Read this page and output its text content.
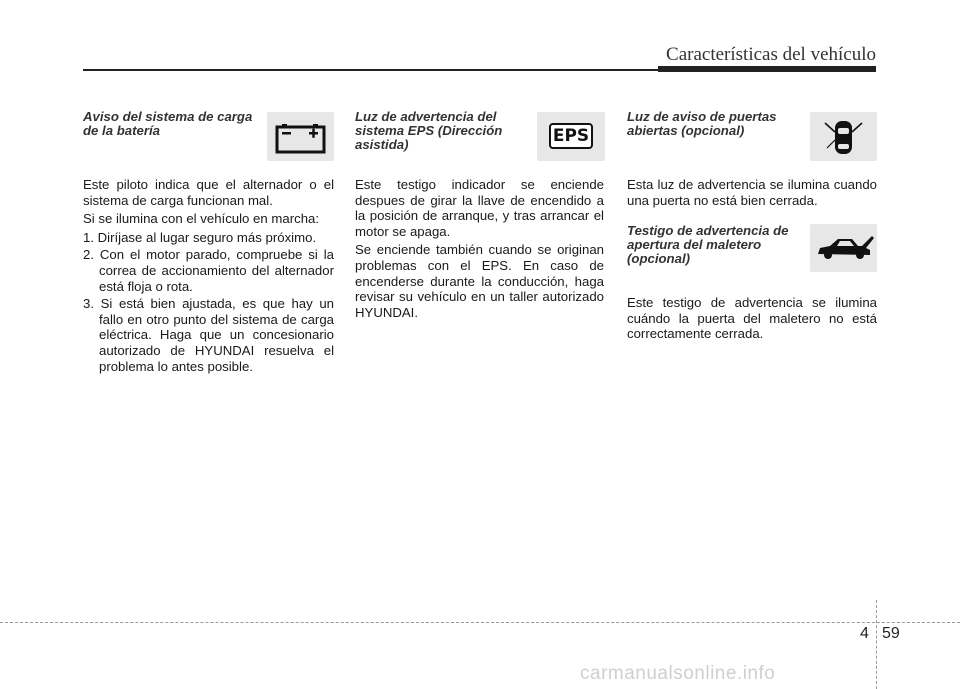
Características del vehículo
Aviso del sistema de carga de la batería

Este piloto indica que el alternador o el sistema de carga funcionan mal.

Si se ilumina con el vehículo en marcha:

1. Diríjase al lugar seguro más próximo.
2. Con el motor parado, compruebe si la correa de accionamiento del alternador está floja o rota.
3. Si está bien ajustada, es que hay un fallo en otro punto del sistema de carga eléctrica. Haga que un concesionario autorizado de HYUNDAI resuelva el problema lo antes posible.
Luz de advertencia del sistema EPS (Dirección asistida)

Este testigo indicador se enciende despues de girar la llave de encendido a la posición de arranque, y tras arrancar el motor se apaga.

Se enciende también cuando se originan problemas con el EPS. En caso de encenderse durante la conducción, haga revisar su vehículo en un taller autorizado HYUNDAI.

EPS
Luz de aviso de puertas abiertas (opcional)

Esta luz de advertencia se ilumina cuando una puerta no está bien cerrada.

Testigo de advertencia de apertura del maletero (opcional)

Este testigo de advertencia se ilumina cuándo la puerta del maletero no está correctamente cerrada.

4 59
carmanualsonline.info
